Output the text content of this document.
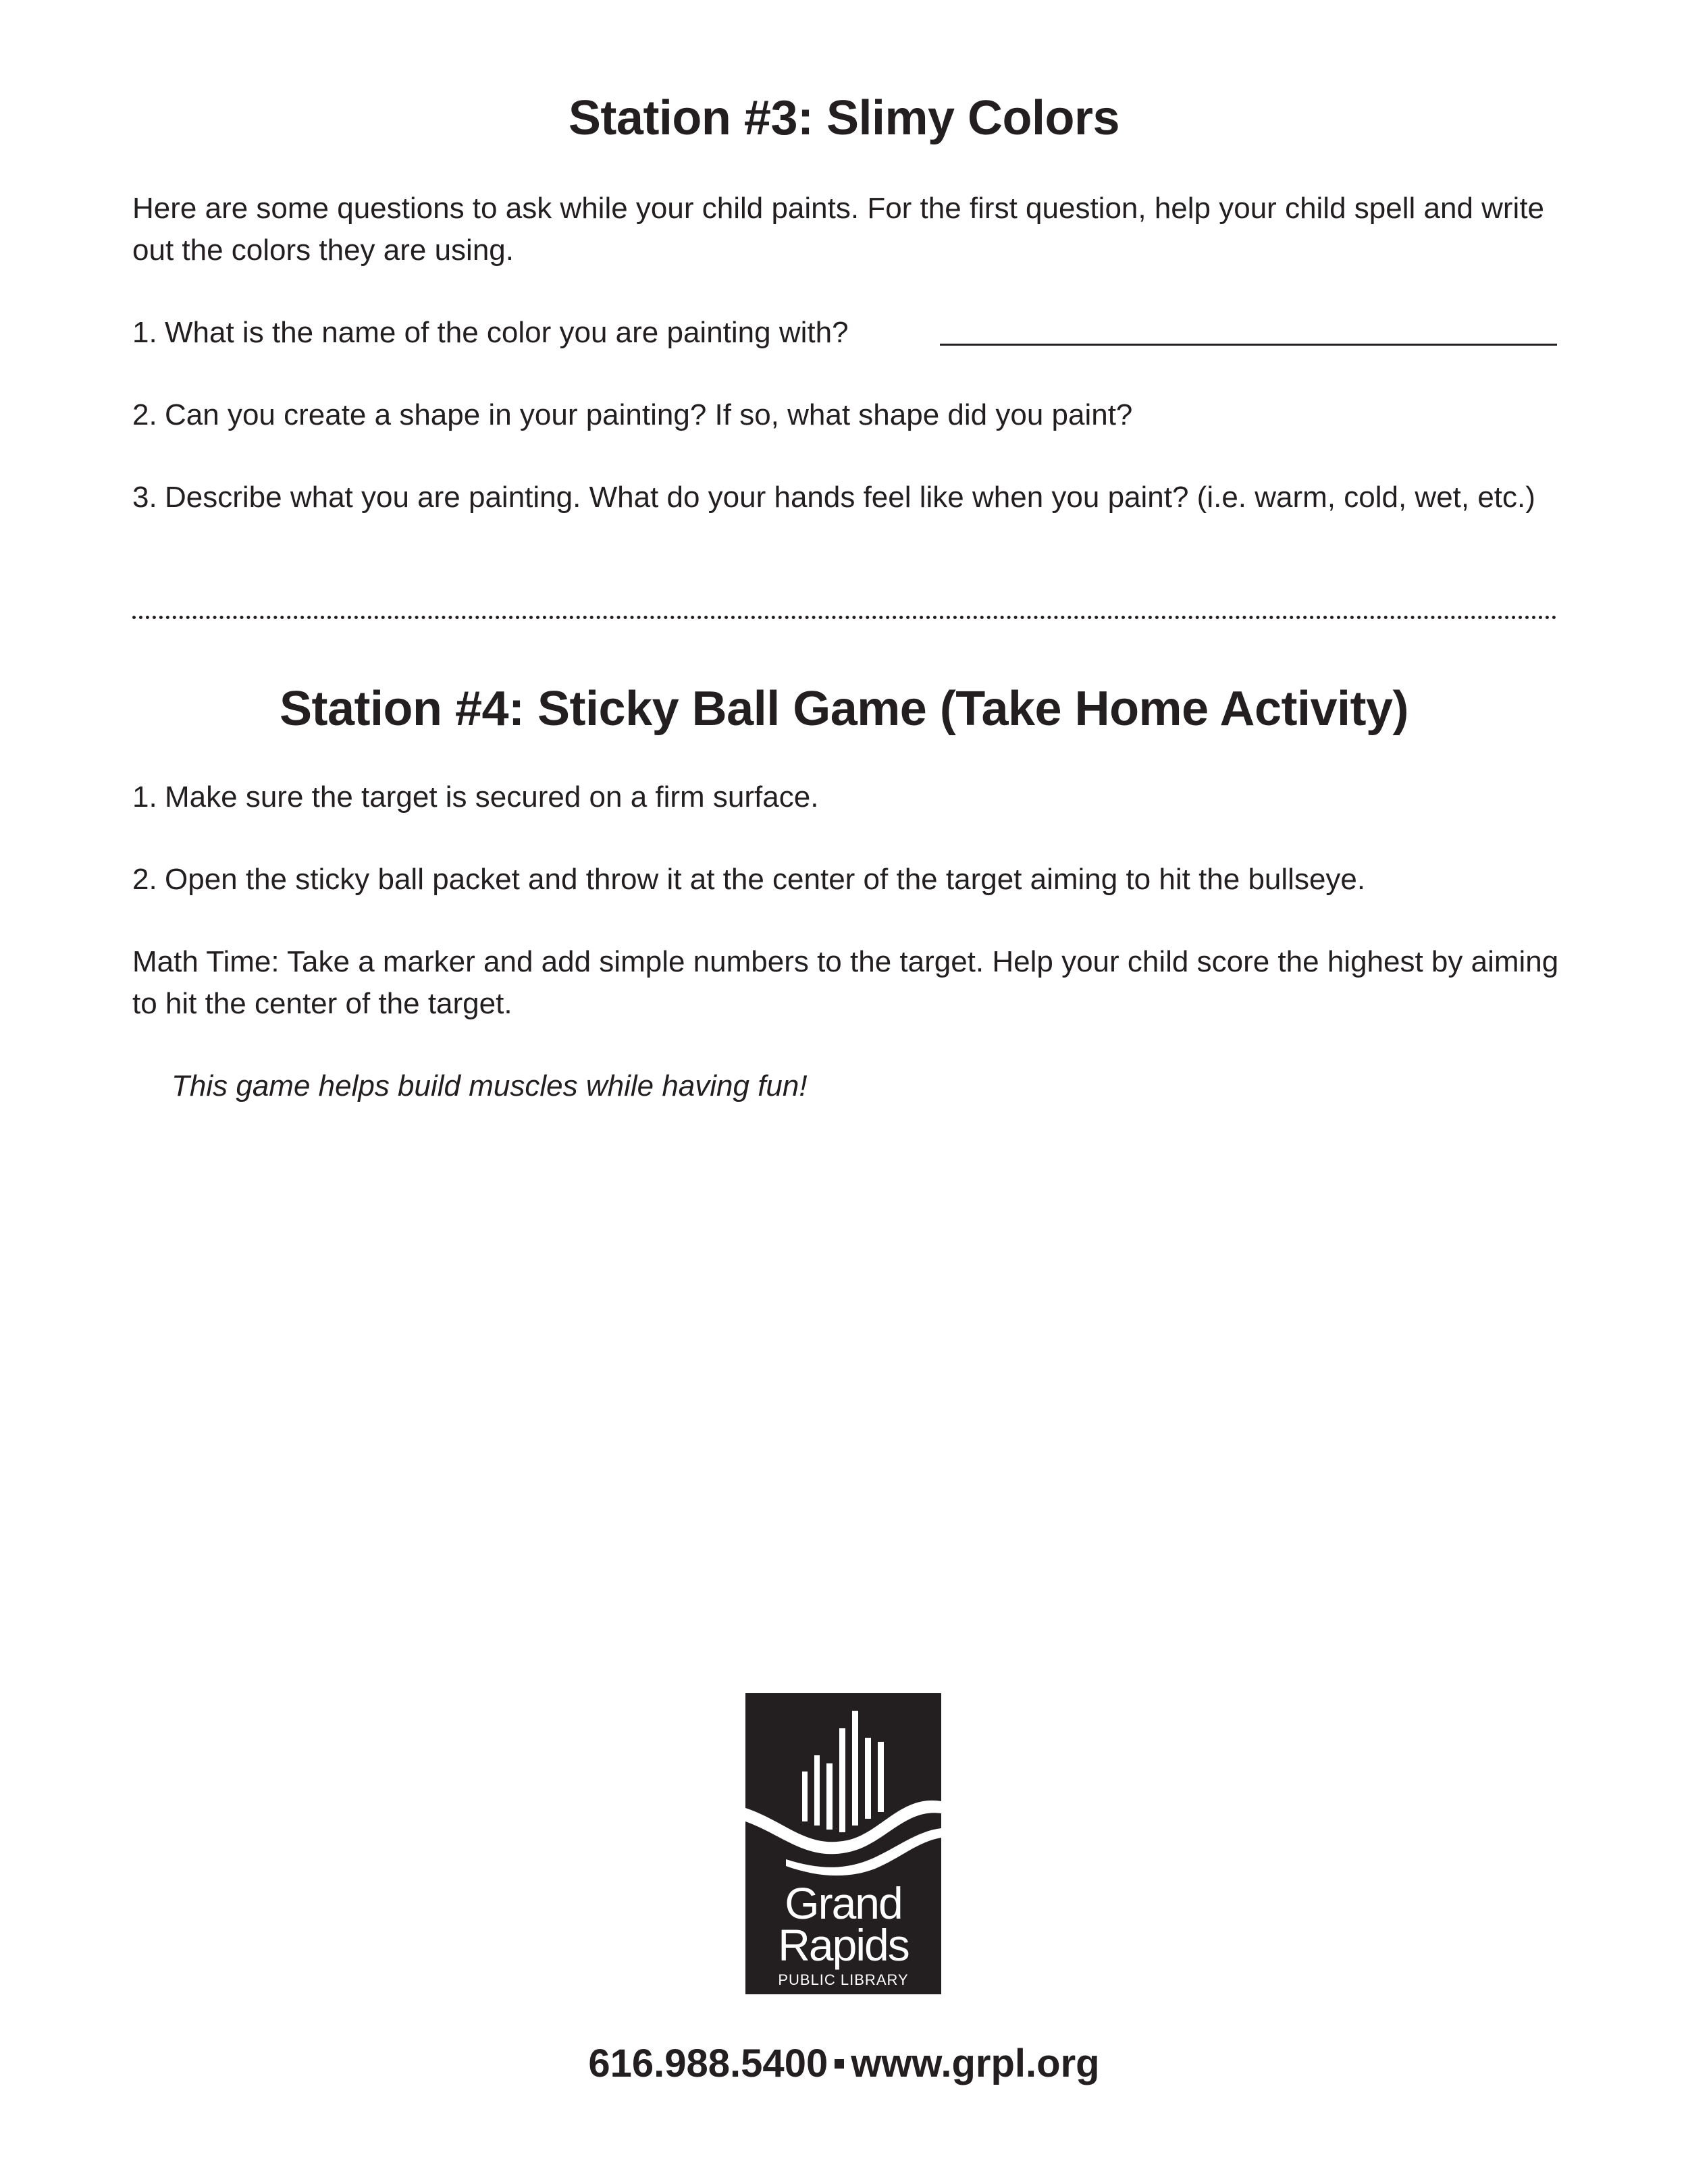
Station #3: Slimy Colors

Here are some questions to ask while your child paints. For the first question, help your child spell and write out the colors they are using.

1. What is the name of the color you are painting with?

2. Can you create a shape in your painting? If so, what shape did you paint?

3. Describe what you are painting. What do your hands feel like when you paint? (i.e. warm, cold, wet, etc.)

Station #4: Sticky Ball Game (Take Home Activity)

1. Make sure the target is secured on a firm surface.

2. Open the sticky ball packet and throw it at the center of the target aiming to hit the bullseye.

Math Time: Take a marker and add simple numbers to the target. Help your child score the highest by aiming to hit the center of the target.

This game helps build muscles while having fun!

Grand
Rapids
PUBLIC LIBRARY

616.988.5400 www.grpl.org
